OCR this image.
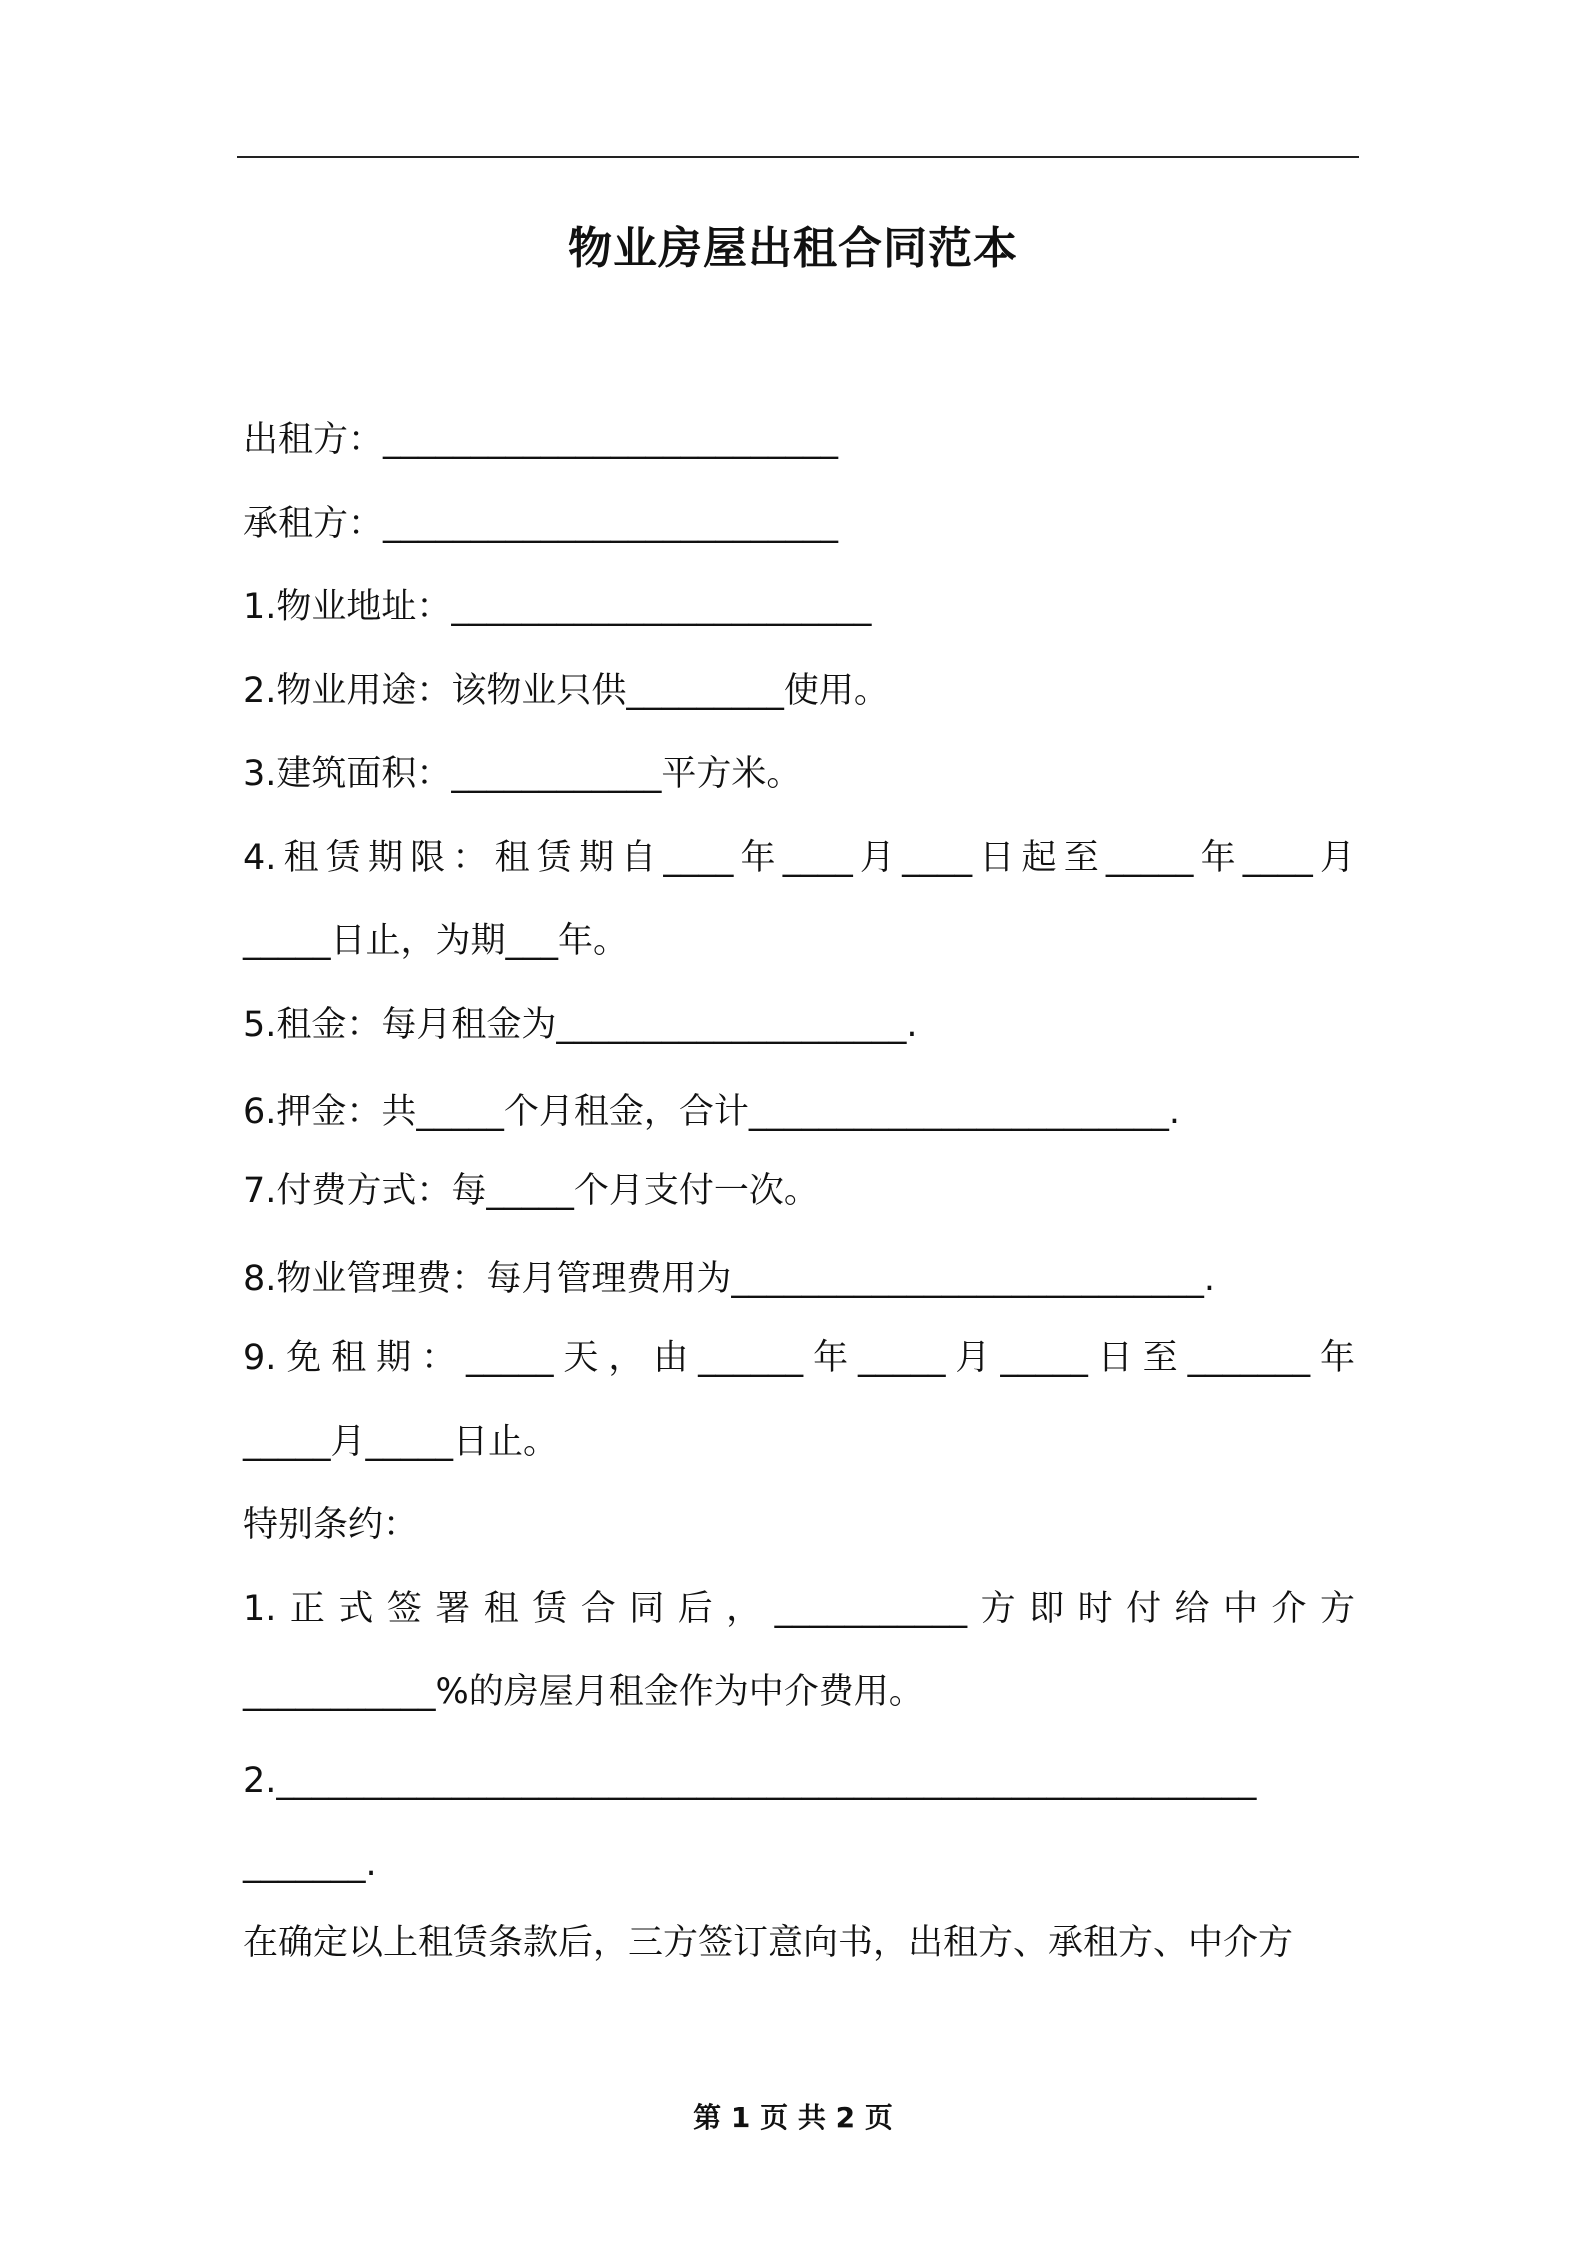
物业房屋出租合同范本
出租方：__________________________
承租方：__________________________
1.物业地址：________________________
2.物业用途：该物业只供_________使用。
3.建筑面积：____________平方米。
4.租赁期限：租赁期自____年____月____日起至_____年____月
_____日止，为期___年。
5.租金：每月租金为____________________.
6.押金：共_____个月租金，合计________________________.
7.付费方式：每_____个月支付一次。
8.物业管理费：每月管理费用为___________________________.
9.免租期：_____天，由______年_____月_____日至_______年
_____月_____日止。
特别条约：
1.正式签署租赁合同后，___________方即时付给中介方
___________%的房屋月租金作为中介费用。
2.________________________________________________________
_______.
在确定以上租赁条款后，三方签订意向书，出租方、承租方、中介方
第 1 页 共 2 页
